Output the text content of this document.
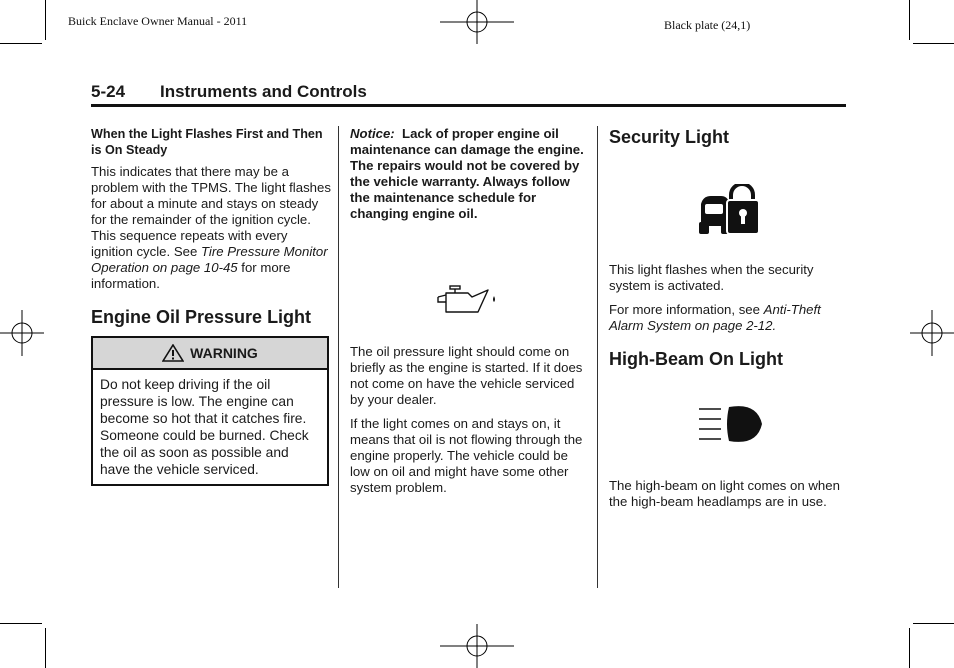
Buick Enclave Owner Manual - 2011	Black plate (24,1)
5-24 Instruments and Controls
When the Light Flashes First and Then is On Steady

This indicates that there may be a problem with the TPMS. The light flashes for about a minute and stays on steady for the remainder of the ignition cycle. This sequence repeats with every ignition cycle. See Tire Pressure Monitor Operation on page 10-45 for more information.

Engine Oil Pressure Light
WARNING
Do not keep driving if the oil pressure is low. The engine can become so hot that it catches fire. Someone could be burned. Check the oil as soon as possible and have the vehicle serviced.

Notice: Lack of proper engine oil maintenance can damage the engine. The repairs would not be covered by the vehicle warranty. Always follow the maintenance schedule for changing engine oil.

The oil pressure light should come on briefly as the engine is started. If it does not come on have the vehicle serviced by your dealer.

If the light comes on and stays on, it means that oil is not flowing through the engine properly. The vehicle could be low on oil and might have some other system problem.

Security Light

This light flashes when the security system is activated.

For more information, see Anti-Theft Alarm System on page 2-12.

High-Beam On Light

The high-beam on light comes on when the high-beam headlamps are in use.
